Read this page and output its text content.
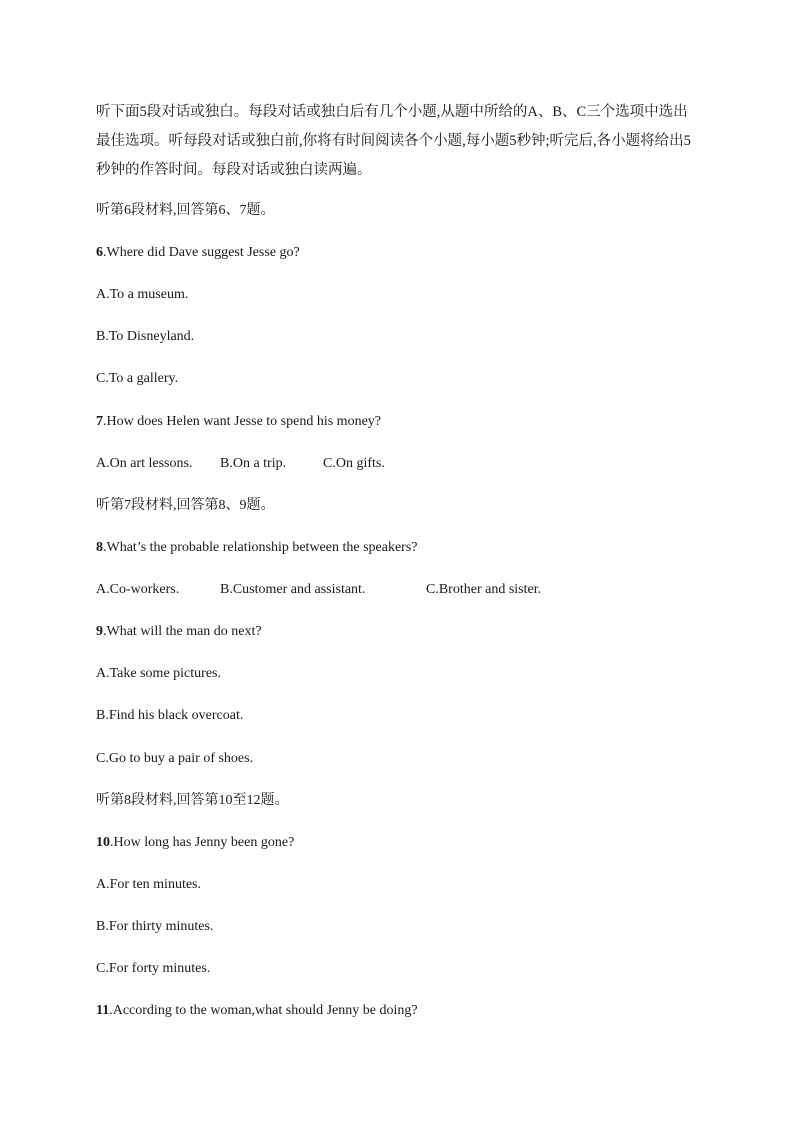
听下面5段对话或独白。每段对话或独白后有几个小题,从题中所给的A、B、C三个选项中选出最佳选项。听每段对话或独白前,你将有时间阅读各个小题,每小题5秒钟;听完后,各小题将给出5秒钟的作答时间。每段对话或独白读两遍。
听第6段材料,回答第6、7题。
6.Where did Dave suggest Jesse go?
A.To a museum.
B.To Disneyland.
C.To a gallery.
7.How does Helen want Jesse to spend his money?
A.On art lessons. B.On a trip.	C.On gifts.
听第7段材料,回答第8、9题。
8.What’s the probable relationship between the speakers?
A.Co-workers.	B.Customer and assistant.	C.Brother and sister.
9.What will the man do next?
A.Take some pictures.
B.Find his black overcoat.
C.Go to buy a pair of shoes.
听第8段材料,回答第10至12题。
10.How long has Jenny been gone?
A.For ten minutes.
B.For thirty minutes.
C.For forty minutes.
11.According to the woman,what should Jenny be doing?
